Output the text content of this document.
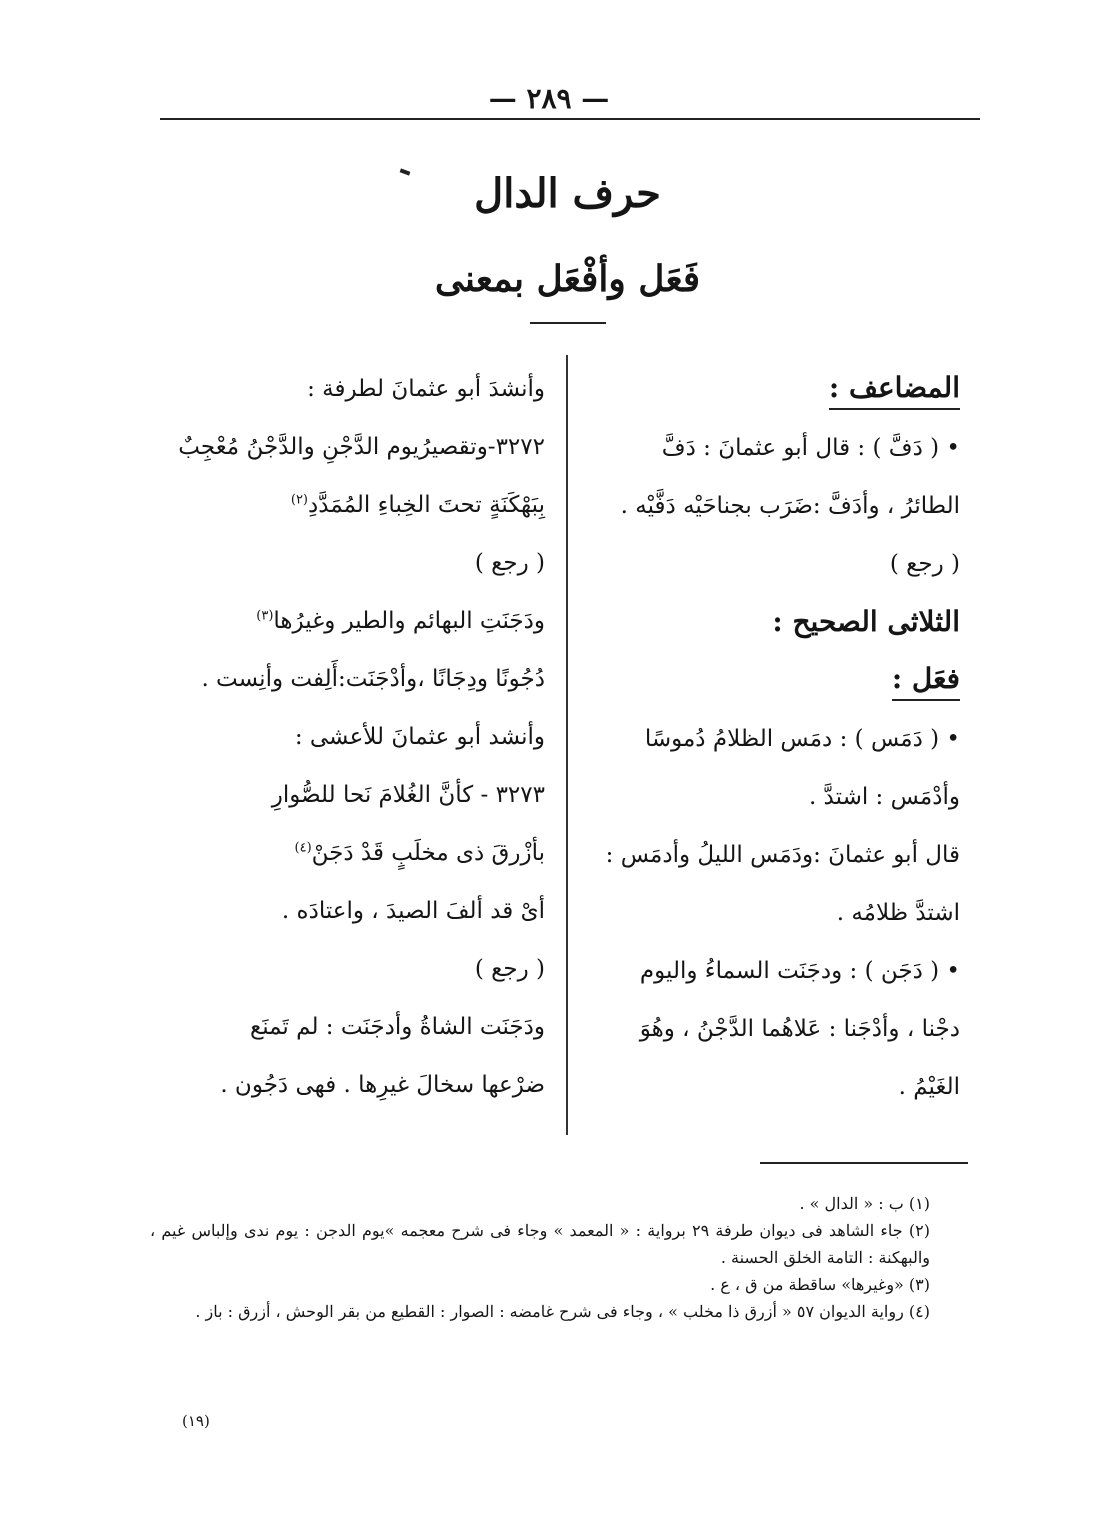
— ٢٨٩ —
حرف الدال
فَعَل وأفْعَل بمعنى

المضاعف :

• ( دَفَّ ) : قال أبو عثمانَ : دَفَّ

الطائرُ ، وأدَفَّ :ضَرَب بجناحَيْه دَفَّيْه .

( رجع )

الثلاثى الصحيح :

فعَل :

• ( دَمَس ) : دمَس الظلامُ دُموسًا

وأدْمَس : اشتدَّ .

قال أبو عثمانَ :ودَمَس الليلُ وأدمَس :

اشتدَّ ظلامُه .

• ( دَجَن ) : ودجَنَت السماءُ واليوم

دجْنا ، وأدْجَنا : عَلاهُما الدَّجْنُ ، وهُوَ

الغَيْمُ .

وأنشدَ أبو عثمانَ لطرفة :

٣٢٧٢-وتقصيرُيوم الدَّجْنِ والدَّجْنُ مُعْجِبٌ

بِبَهْكَنَةٍ تحتَ الخِباءِ المُمَدَّدِ$^{(٢)}$

( رجع )

ودَجَنَتِ البهائم والطير وغيرُها$^{(٣)}$

دُجُونًا ودِجَانًا ،وأدْجَنَت:أَلِفت وأنِست .

وأنشد أبو عثمانَ للأعشى :

٣٢٧٣ - كأنَّ الغُلامَ نَحا للصُّوارِ

بأزْرقَ ذى مخلَبٍ قَدْ دَجَنْ$^{(٤)}$

أىْ قد ألفَ الصيدَ ، واعتادَه .

( رجع )

ودَجَنَت الشاةُ وأدجَنَت : لم تَمنَع

ضرْعها سخالَ غيرِها . فهى دَجُون .

(١) ب : « الدال » .

(٢) جاء الشاهد فى ديوان طرفة ٢٩ برواية : « المعمد » وجاء فى شرح معجمه »يوم الدجن : يوم ندى وإلباس غيم ، والبهكنة : التامة الخلق الحسنة .

(٣) «وغيرها» ساقطة من ق ، ع .

(٤) رواية الديوان ٥٧ « أزرق ذا مخلب » ، وجاء فى شرح غامضه : الصوار : القطيع من بقر الوحش ، أزرق : باز .

(١٩)
